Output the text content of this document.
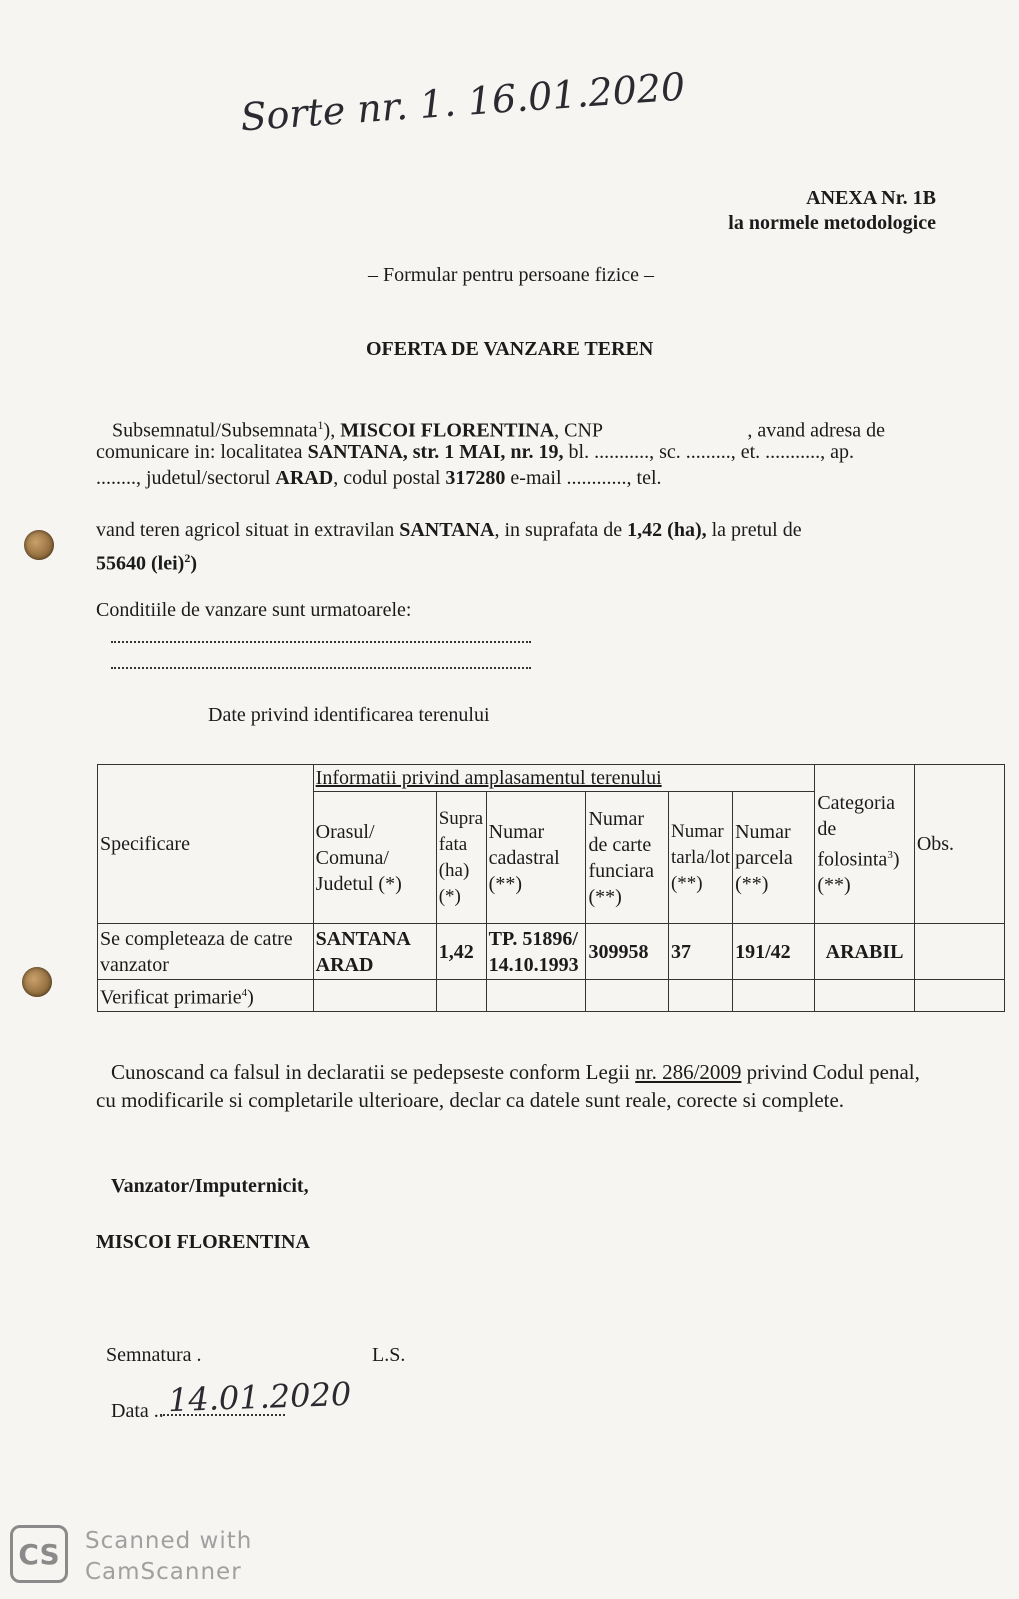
Sorte nr. 1. 16.01.2020
ANEXA Nr. 1B
la normele metodologice
– Formular pentru persoane fizice –
OFERTA DE VANZARE TEREN
Subsemnatul/Subsemnata$^1$), MISCOI FLORENTINA, CNP	, avand adresa de
comunicare in: localitatea SANTANA, str. 1 MAI, nr. 19, bl. ..........., sc. ........., et. ..........., ap.
........, judetul/sectorul ARAD, codul postal 317280 e-mail ............, tel.
vand teren agricol situat in extravilan SANTANA, in suprafata de 1,42 (ha), la pretul de
55640 (lei)$^2$)
Conditiile de vanzare sunt urmatoarele:
Date privind identificarea terenului
Specificare	Informatii privind amplasamentul terenului						Categoria de folosinta$^3$) (**)	Obs.
	Orasul/ Comuna/ Judetul (*)	Supra fata (ha) (*)	Numar cadastral (**)	Numar de carte funciara (**)	Numar tarla/lot (**)	Numar parcela (**)		
Se completeaza de catre vanzator	SANTANA ARAD	1,42	TP. 51896/ 14.10.1993	309958	37	191/42	ARABIL	
Verificat primarie$^4$)								
Cunoscand ca falsul in declaratii se pedepseste conform Legii nr. 286/2009 privind Codul penal,
cu modificarile si completarile ulterioare, declar ca datele sunt reale, corecte si complete.
Vanzator/Imputernicit,
MISCOI FLORENTINA
Semnatura .	L.S.
Data .. 14.01.2020
CS	Scanned with
CamScanner
